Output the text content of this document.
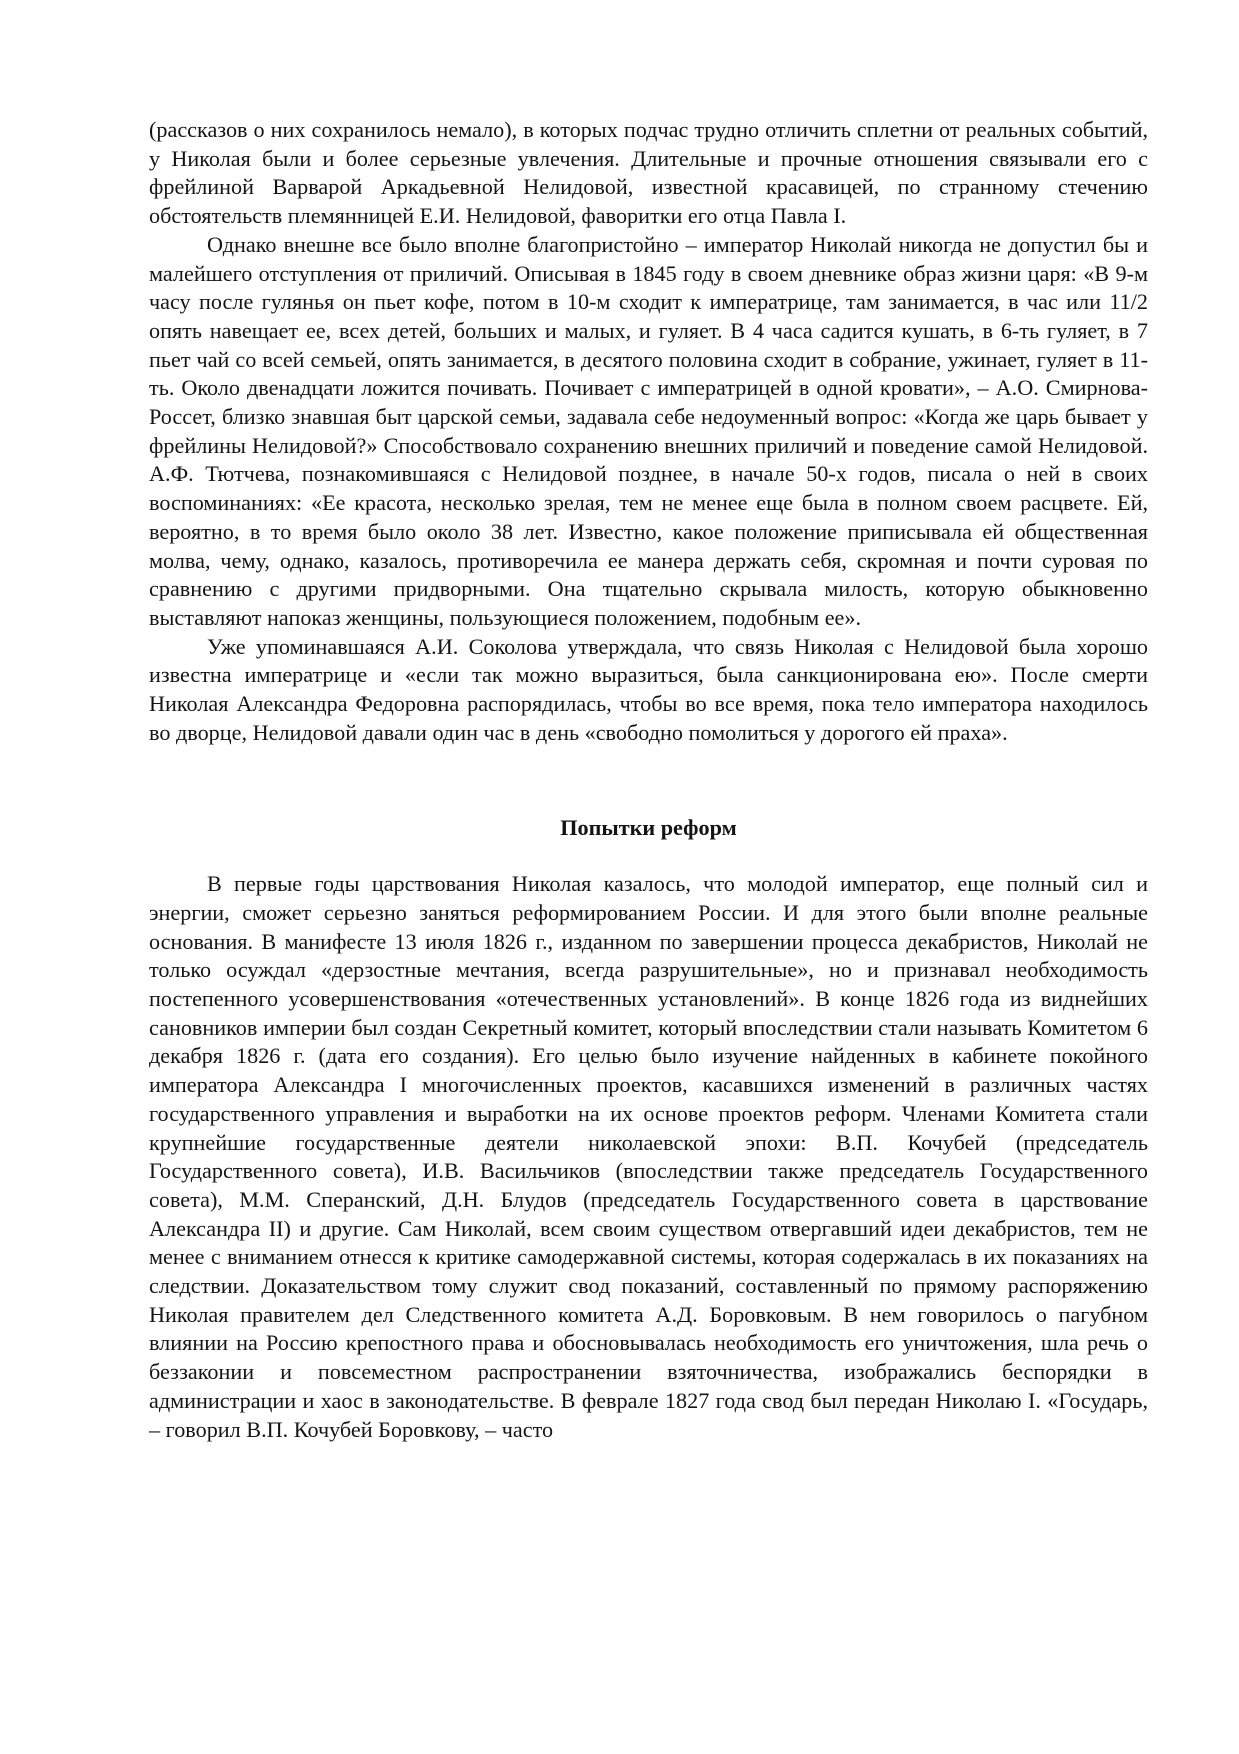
(рассказов о них сохранилось немало), в которых подчас трудно отличить сплетни от реальных событий, у Николая были и более серьезные увлечения. Длительные и прочные отношения связывали его с фрейлиной Варварой Аркадьевной Нелидовой, известной красавицей, по странному стечению обстоятельств племянницей Е.И. Нелидовой, фаворитки его отца Павла I.

Однако внешне все было вполне благопристойно – император Николай никогда не допустил бы и малейшего отступления от приличий. Описывая в 1845 году в своем дневнике образ жизни царя: «В 9-м часу после гулянья он пьет кофе, потом в 10-м сходит к императрице, там занимается, в час или 11/2 опять навещает ее, всех детей, больших и малых, и гуляет. В 4 часа садится кушать, в 6-ть гуляет, в 7 пьет чай со всей семьей, опять занимается, в десятого половина сходит в собрание, ужинает, гуляет в 11-ть. Около двенадцати ложится почивать. Почивает с императрицей в одной кровати», – А.О. Смирнова-Россет, близко знавшая быт царской семьи, задавала себе недоуменный вопрос: «Когда же царь бывает у фрейлины Нелидовой?» Способствовало сохранению внешних приличий и поведение самой Нелидовой. А.Ф. Тютчева, познакомившаяся с Нелидовой позднее, в начале 50-х годов, писала о ней в своих воспоминаниях: «Ее красота, несколько зрелая, тем не менее еще была в полном своем расцвете. Ей, вероятно, в то время было около 38 лет. Известно, какое положение приписывала ей общественная молва, чему, однако, казалось, противоречила ее манера держать себя, скромная и почти суровая по сравнению с другими придворными. Она тщательно скрывала милость, которую обыкновенно выставляют напоказ женщины, пользующиеся положением, подобным ее».

Уже упоминавшаяся А.И. Соколова утверждала, что связь Николая с Нелидовой была хорошо известна императрице и «если так можно выразиться, была санкционирована ею». После смерти Николая Александра Федоровна распорядилась, чтобы во все время, пока тело императора находилось во дворце, Нелидовой давали один час в день «свободно помолиться у дорогого ей праха».

Попытки реформ

В первые годы царствования Николая казалось, что молодой император, еще полный сил и энергии, сможет серьезно заняться реформированием России. И для этого были вполне реальные основания. В манифесте 13 июля 1826 г., изданном по завершении процесса декабристов, Николай не только осуждал «дерзостные мечтания, всегда разрушительные», но и признавал необходимость постепенного усовершенствования «отечественных установлений». В конце 1826 года из виднейших сановников империи был создан Секретный комитет, который впоследствии стали называть Комитетом 6 декабря 1826 г. (дата его создания). Его целью было изучение найденных в кабинете покойного императора Александра I многочисленных проектов, касавшихся изменений в различных частях государственного управления и выработки на их основе проектов реформ. Членами Комитета стали крупнейшие государственные деятели николаевской эпохи: В.П. Кочубей (председатель Государственного совета), И.В. Васильчиков (впоследствии также председатель Государственного совета), М.М. Сперанский, Д.Н. Блудов (председатель Государственного совета в царствование Александра II) и другие. Сам Николай, всем своим существом отвергавший идеи декабристов, тем не менее с вниманием отнесся к критике самодержавной системы, которая содержалась в их показаниях на следствии. Доказательством тому служит свод показаний, составленный по прямому распоряжению Николая правителем дел Следственного комитета А.Д. Боровковым. В нем говорилось о пагубном влиянии на Россию крепостного права и обосновывалась необходимость его уничтожения, шла речь о беззаконии и повсеместном распространении взяточничества, изображались беспорядки в администрации и хаос в законодательстве. В феврале 1827 года свод был передан Николаю I. «Государь, – говорил В.П. Кочубей Боровкову, – часто
